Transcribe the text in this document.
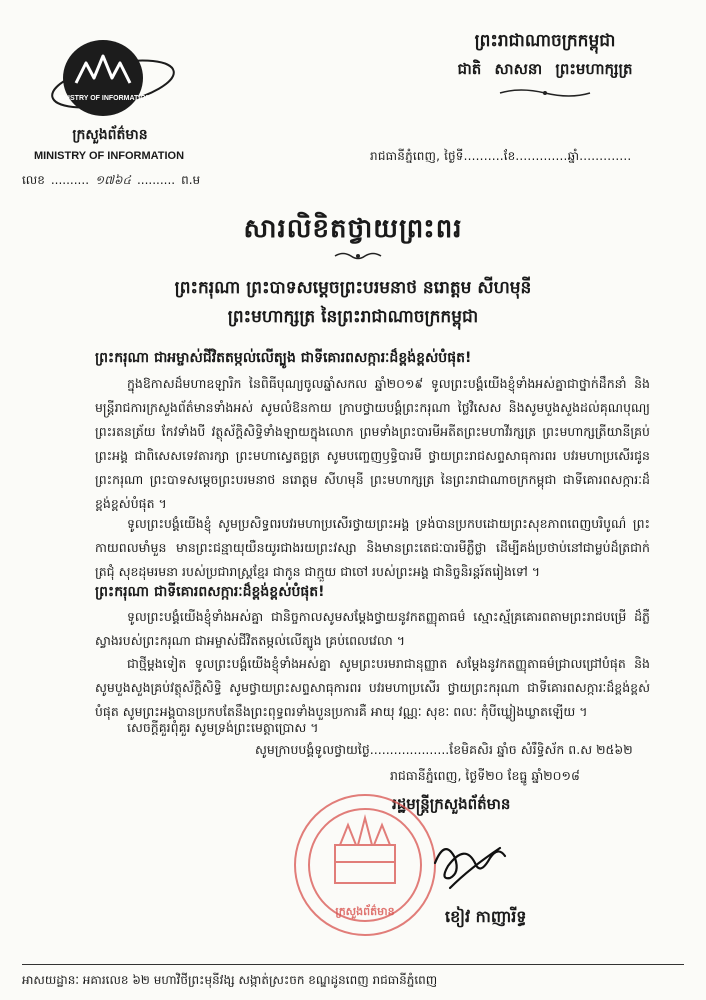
MINISTRY OF INFORMATION
ក្រសួងព័ត៌មាន
MINISTRY OF INFORMATION
លេខ .......... ១៧៦៤ .......... ព.ម
ព្រះរាជាណាចក្រកម្ពុជា
ជាតិ សាសនា ព្រះមហាក្សត្រ
រាជធានីភ្នំពេញ, ថ្ងៃទី..........ខែ.............ឆ្នាំ.............
សារលិខិតថ្វាយព្រះពរ
ព្រះករុណា ព្រះបាទសម្តេចព្រះបរមនាថ នរោត្តម សីហមុនី
ព្រះមហាក្សត្រ នៃព្រះរាជាណាចក្រកម្ពុជា
ព្រះករុណា ជាអម្ចាស់ជីវិតតម្កល់លើត្បូង ជាទីគោរពសក្ការៈដ៏ខ្ពង់ខ្ពស់បំផុត!
ក្នុងឱកាសដ៏មហាឧឡារិក នៃពិធីបុណ្យចូលឆ្នាំសកល ឆ្នាំ២០១៩ ទូលព្រះបង្គំយើងខ្ញុំទាំងអស់គ្នាជាថ្នាក់ដឹកនាំ និងមន្ត្រីរាជការក្រសួងព័ត៌មានទាំងអស់ សូមលំឱនកាយ ក្រាបថ្វាយបង្គំព្រះករុណា ថ្លៃវិសេស និងសូមបួងសួងដល់គុណបុណ្យព្រះរតនត្រ័យ កែវទាំងបី វត្ថុស័ក្តិសិទ្ធិទាំងឡាយក្នុងលោក ព្រមទាំងព្រះបារមីអតីតព្រះមហាវីរក្សត្រ ព្រះមហាក្សត្រីយានីគ្រប់ព្រះអង្គ ជាពិសេសទេវតារក្សា ព្រះមហាស្វេតច្ឆត្រ សូមបញ្ចេញឫទ្ធិបារមី ថ្វាយព្រះរាជសព្ទសាធុការពរ បវរមហាប្រសើរជូន ព្រះករុណា ព្រះបាទសម្តេចព្រះបរមនាថ នរោត្តម សីហមុនី ព្រះមហាក្សត្រ នៃព្រះរាជាណាចក្រកម្ពុជា ជាទីគោរពសក្ការៈដ៏ខ្ពង់ខ្ពស់បំផុត ។
ទូលព្រះបង្គំយើងខ្ញុំ សូមប្រសិទ្ធពរបវរមហាប្រសើរថ្វាយព្រះអង្គ ទ្រង់បានប្រកបដោយព្រះសុខភាពពេញបរិបូណ៌ ព្រះកាយពលមាំមួន មានព្រះជន្មាយុយឺនយូរជាងរយព្រះវស្សា និងមានព្រះតេជៈបារមីភ្លឺថ្លា ដើម្បីគង់ប្រថាប់នៅជាម្លប់ដ៏ត្រជាក់ត្រជុំ សុខដុមរមនា របស់ប្រជារាស្ត្រខ្មែរ ជាកូន ជាក្មួយ ជាចៅ របស់ព្រះអង្គ ជានិច្ចនិរន្តរ៍តរៀងទៅ ។
ព្រះករុណា ជាទីគោរពសក្ការៈដ៏ខ្ពង់ខ្ពស់បំផុត!
ទូលព្រះបង្គំយើងខ្ញុំទាំងអស់គ្នា ជានិច្ចកាលសូមសម្តែងថ្វាយនូវកតញ្ញុតាធម៌ ស្មោះស្ម័គ្រគោរពតាមព្រះរាជបម្រើ ដ៏ភ្លឺស្វាងរបស់ព្រះករុណា ជាអម្ចាស់ជីវិតតម្កល់លើត្បូង គ្រប់ពេលវេលា ។
ជាថ្មីម្តងទៀត ទូលព្រះបង្គំយើងខ្ញុំទាំងអស់គ្នា សូមព្រះបរមរាជានុញ្ញាត សម្តែងនូវកតញ្ញុតាធម៌ជ្រាលជ្រៅបំផុត និងសូមបួងសួងគ្រប់វត្ថុស័ក្តិសិទ្ធិ សូមថ្វាយព្រះសព្ទសាធុការពរ បវរមហាប្រសើរ ថ្វាយព្រះករុណា ជាទីគោរពសក្ការៈដ៏ខ្ពង់ខ្ពស់បំផុត សូមព្រះអង្គបានប្រកបតែនឹងព្រះពុទ្ធពរទាំងបួនប្រការគឺ អាយុ វណ្ណៈ សុខៈ ពលៈ កុំបីឃ្លៀងឃ្លាតឡើយ ។
សេចក្តីគួរពុំគួរ សូមទ្រង់ព្រះមេត្តាប្រោស ។
សូមក្រាបបង្គំទូលថ្វាយថ្ងៃ....................ខែមិគសិរ ឆ្នាំច សំរឹទ្ធិស័ក ព.ស ២៥៦២
រាជធានីភ្នំពេញ, ថ្ងៃទី២០ ខែធ្នូ ឆ្នាំ២០១៨
រដ្ឋមន្ត្រីក្រសួងព័ត៌មាន
ក្រសួងព័ត៌មាន	ខៀវ កាញារីទ្ធ
អាសយដ្ឋានៈ អគារលេខ ៦២ មហាវិថីព្រះមុនីវង្ស សង្កាត់ស្រះចក ខណ្ឌដូនពេញ រាជធានីភ្នំពេញ
